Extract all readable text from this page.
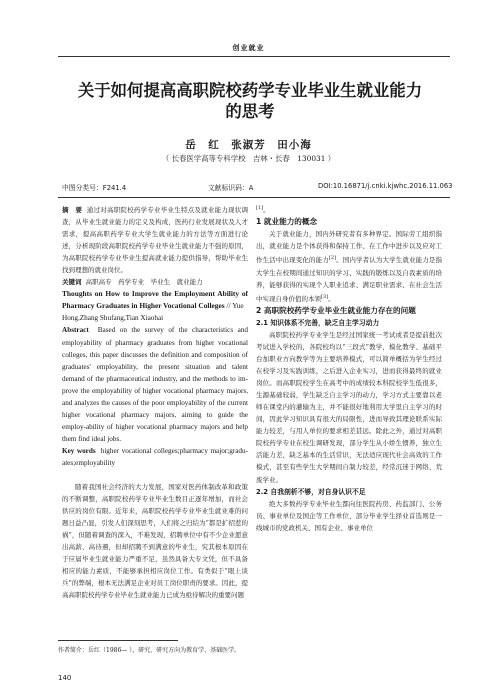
创业就业
关于如何提高高职院校药学专业毕业生就业能力
的思考
岳　红　张淑芳　田小海
（ 长春医学高等专科学校　吉林・长春　130031 ）
中图分类号：F241.4	文献标识码：A	DOI:10.16871/j.cnki.kjwhc.2016.11.063

摘　要 通过对高职院校药学专业毕业生特点及就业能力现状调查，从毕业生就业能力的定义及构成，医药行业发展现状及人才需求，提高高职药学专业大学生就业能力的方法等方面进行论述，分析现阶段高职院校药学专业毕业生就业能力不强的原因，为高职院校药学专业毕业生提高就业能力提供指导，帮助毕业生找到理想的就业岗位。

关键词 高职高专　药学专业　毕业生　就业能力

Thoughts on How to Improve the Employment Ability of Pharmacy Graduates in Higher Vocational Colleges // Yue

Hong,Zhang Shufang,Tian Xiaohai

Abstract Based on the survey of the characteristics and employability of pharmacy graduates from higher vocational colleges, this paper discusses the definition and composition of graduates' employability, the present situation and talent demand of the pharmaceutical industry, and the methods to im-prove the employability of higher vocational pharmacy majors, and analyzes the causes of the poor employability of the current higher vocational pharmacy majors, aiming to guide the employ-ability of higher vocational pharmacy majors and help them find ideal jobs.

Key words higher vocational colleges;pharmacy major;gradu-ates;employability

随着我国社会经济的大力发展，国家对医药体制改革和政策的不断调整，高职院校药学专业毕业生数目正逐年增加，而社会供应的岗位有限。近年来，高职院校药学专业毕业生就业难的问题日益凸显，引发人们深刻思考，人们将之归结为“都是扩招惹的祸”，但随着调查的深入，不难发现，招聘单位中有不少企业愿意出高薪、高待遇，但却招聘不到满意的毕业生，究其根本原因在于应届毕业生就业能力严重不足，虽然具备大专文凭，但不具备相应的能力素质，不能够承担相应岗位工作。有类似于“眼上谈兵”的弊端，根本无法满足企业对员工岗位职责的要求。因此，提高高职院校药学专业毕业生就业能力已成为亟待解决的重要问题

[1]。

1 就业能力的概念

关于就业能力，国内外研究者有多种界定。国际劳工组织指出，就业能力是个体获得和保持工作、在工作中进步以及应对工作生活中出现变化的能力[2]。国内学者认为大学生就业能力是指大学生在校期间通过知识的学习、实践的锻炼以及自我素质的培养，能够获得的实现个人职业追求、满足职业需求、在社会生活中实现自身价值的本领[3]。

2 高职院校药学专业毕业生就业能力存在的问题

2.1 知识体系不完善，缺乏自主学习动力

高职院校药学专业学生是经过国家统一考试或者是提前批次考试进入学校的，各院校均以“三段式”教学，模化教学、基础平台加职业方向教学等为主要培养模式，可以简单概括为学生经过在校学习及实践训练，之后进入企业实习，进而获得最终的就业岗位。而高职院校学生在高考中的成绩较本科院校学生低很多，生源基础较弱，学生缺乏自主学习的动力，学习方式主要靠以老师在课堂内的灌输为主，并不能很好地利用大学里自主学习的时间，因此学习知识具有很大的局限性，进而导致其理论联系实际能力较差，与用人单位的要求相差甚远。除此之外，通过对高职院校药学专业在校生调研发现，部分学生从小娇生惯养，独立生活能力差，缺乏基本的生活常识，无法适应现代社会高效的工作模式，甚至有些学生大学期间自制力较差，经常沉迷于网络、荒废学业。

2.2 自我剖析不够，对自身认识不足

绝大多数药学专业毕业生都向往医院药房、药监部门、公务员、事业单位及国企等工作单位，部分毕业学生择业首选则是一线城市的党政机关、国有企业、事业单位

作者简介：岳红（1986— ），研究，研究方向为教育学、基础医学。
140
